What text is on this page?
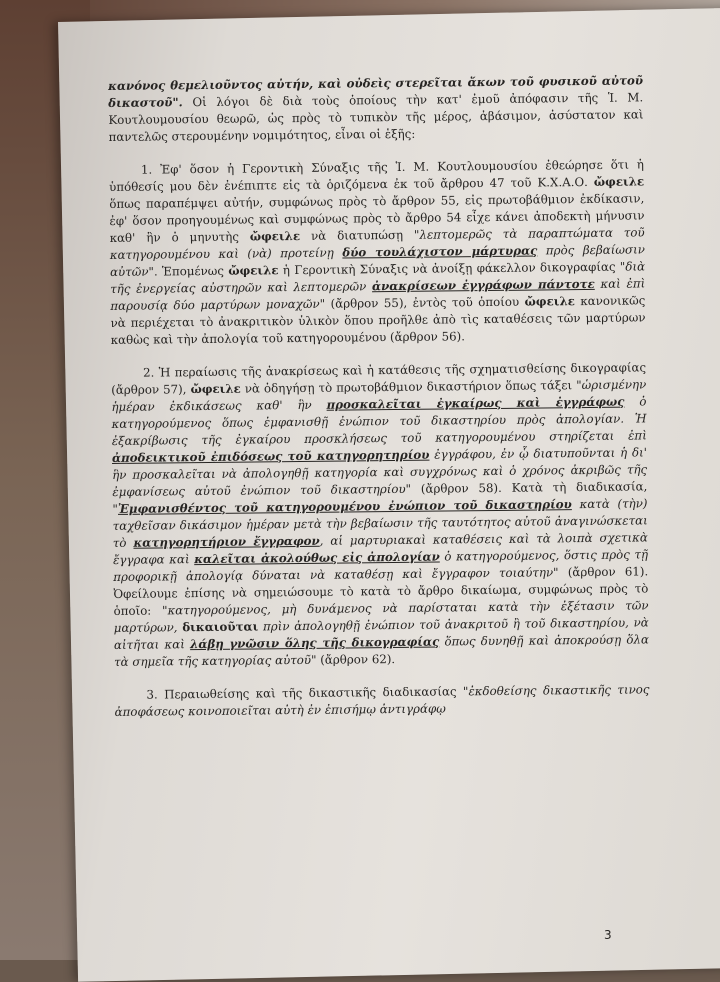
κανόνος θεμελιοῦντος αὐτήν, καὶ οὐδεὶς στερεῖται ἄκων τοῦ φυσικοῦ αὐτοῦ δικαστοῦ". Οἱ λόγοι δὲ διὰ τοὺς ὁποίους τὴν κατ' ἐμοῦ ἀπόφασιν τῆς Ἱ. Μ. Κουτλουμουσίου θεωρῶ, ὡς πρὸς τὸ τυπικὸν τῆς μέρος, ἀβάσιμον, ἀσύστατον καὶ παντελῶς στερουμένην νομιμότητος, εἶναι οἱ ἑξῆς:

1. Ἐφ' ὅσον ἡ Γεροντικὴ Σύναξις τῆς Ἱ. Μ. Κουτλουμουσίου ἐθεώρησε ὅτι ἡ ὑπόθεσίς μου δὲν ἐνέπιπτε εἰς τὰ ὁριζόμενα ἐκ τοῦ ἄρθρου 47 τοῦ Κ.Χ.Α.Ο. ὤφειλε ὅπως παραπέμψει αὐτήν, συμφώνως πρὸς τὸ ἄρθρον 55, εἰς πρωτοβάθμιον ἐκδίκασιν, ἐφ' ὅσον προηγουμένως καὶ συμφώνως πρὸς τὸ ἄρθρο 54 εἶχε κάνει ἀποδεκτὴ μήνυσιν καθ' ἣν ὁ μηνυτὴς ὤφειλε νὰ διατυπώσῃ "λεπτομερῶς τὰ παραπτώματα τοῦ κατηγορουμένου καὶ (νὰ) προτείνῃ δύο τουλάχιστον μάρτυρας πρὸς βεβαίωσιν αὐτῶν". Ἑπομένως ὤφειλε ἡ Γεροντικὴ Σύναξις νὰ ἀνοίξῃ φάκελλον δικογραφίας "διὰ τῆς ἐνεργείας αὐστηρῶν καὶ λεπτομερῶν ἀνακρίσεων ἐγγράφων πάντοτε καὶ ἐπὶ παρουσίᾳ δύο μαρτύρων μοναχῶν" (ἄρθρον 55), ἐντὸς τοῦ ὁποίου ὤφειλε κανονικῶς νὰ περιέχεται τὸ ἀνακριτικὸν ὑλικὸν ὅπου προῆλθε ἀπὸ τὶς καταθέσεις τῶν μαρτύρων καθὼς καὶ τὴν ἀπολογία τοῦ κατηγορουμένου (ἄρθρον 56).

2. Ἡ περαίωσις τῆς ἀνακρίσεως καὶ ἡ κατάθεσις τῆς σχηματισθείσης δικογραφίας (ἄρθρον 57), ὤφειλε νὰ ὁδηγήσῃ τὸ πρωτοβάθμιον δικαστήριον ὅπως τάξει "ὡρισμένην ἡμέραν ἐκδικάσεως καθ' ἣν προσκαλεῖται ἐγκαίρως καὶ ἐγγράφως ὁ κατηγορούμενος ὅπως ἐμφανισθῇ ἐνώπιον τοῦ δικαστηρίου πρὸς ἀπολογίαν. Ἡ ἐξακρίβωσις τῆς ἐγκαίρου προσκλήσεως τοῦ κατηγορουμένου στηρίζεται ἐπὶ ἀποδεικτικοῦ ἐπιδόσεως τοῦ κατηγορητηρίου ἐγγράφου, ἐν ᾧ διατυποῦνται ἡ δι' ἣν προσκαλεῖται νὰ ἀπολογηθῇ κατηγορία καὶ συγχρόνως καὶ ὁ χρόνος ἀκριβῶς τῆς ἐμφανίσεως αὐτοῦ ἐνώπιον τοῦ δικαστηρίου" (ἄρθρον 58). Κατὰ τὴ διαδικασία, "Ἐμφανισθέντος τοῦ κατηγορουμένου ἐνώπιον τοῦ δικαστηρίου κατὰ (τὴν) ταχθεῖσαν δικάσιμον ἡμέραν μετὰ τὴν βεβαίωσιν τῆς ταυτότητος αὐτοῦ ἀναγινώσκεται τὸ κατηγορητήριον ἔγγραφον, αἱ μαρτυριακαὶ καταθέσεις καὶ τὰ λοιπὰ σχετικὰ ἔγγραφα καὶ καλεῖται ἀκολούθως εἰς ἀπολογίαν ὁ κατηγορούμενος, ὅστις πρὸς τῇ προφορικῇ ἀπολογίᾳ δύναται νὰ καταθέσῃ καὶ ἔγγραφον τοιαύτην" (ἄρθρον 61). Ὀφείλουμε ἐπίσης νὰ σημειώσουμε τὸ κατὰ τὸ ἄρθρο δικαίωμα, συμφώνως πρὸς τὸ ὁποῖο: "κατηγορούμενος, μὴ δυνάμενος νὰ παρίσταται κατὰ τὴν ἐξέτασιν τῶν μαρτύρων, δικαιοῦται πρὶν ἀπολογηθῇ ἐνώπιον τοῦ ἀνακριτοῦ ἢ τοῦ δικαστηρίου, νὰ αἰτῆται καὶ λάβῃ γνῶσιν ὅλης τῆς δικογραφίας ὅπως δυνηθῇ καὶ ἀποκρούσῃ ὅλα τὰ σημεῖα τῆς κατηγορίας αὐτοῦ" (ἄρθρον 62).

3. Περαιωθείσης καὶ τῆς δικαστικῆς διαδικασίας "ἐκδοθείσης δικαστικῆς τινος ἀποφάσεως κοινοποιεῖται αὐτὴ ἐν ἐπισήμῳ ἀντιγράφῳ

3
